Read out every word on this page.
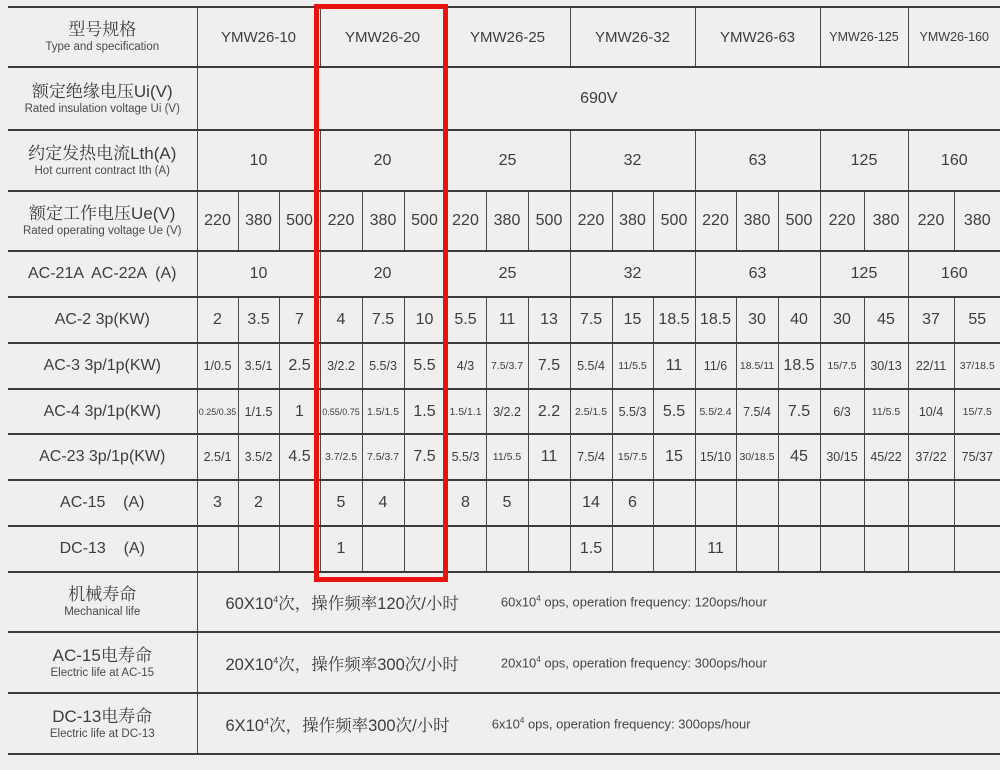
型号规格
Type and specification	YMW26-10			YMW26-20			YMW26-25			YMW26-32			YMW26-63			YMW26-125		YMW26-160	

额定绝缘电压Ui(V)
Rated insulation voltage Ui (V)	690V																		

约定发热电流Lth(A)
Hot current contract Ith (A)	10			20			25			32			63			125		160	

额定工作电压Ue(V)
Rated operating voltage Ue (V)	220	380	500	220	380	500	220	380	500	220	380	500	220	380	500	220	380	220	380

AC-21A  AC-22A  (A)	10			20			25			32			63			125		160	

AC-2 3p(KW)	2	3.5	7	4	7.5	10	5.5	11	13	7.5	15	18.5	18.5	30	40	30	45	37	55

AC-3 3p/1p(KW)	1/0.5	3.5/1	2.5	3/2.2	5.5/3	5.5	4/3	7.5/3.7	7.5	5.5/4	11/5.5	11	11/6	18.5/11	18.5	15/7.5	30/13	22/11	37/18.5

AC-4 3p/1p(KW)	0.25/0.35	1/1.5	1	0.55/0.75	1.5/1.5	1.5	1.5/1.1	3/2.2	2.2	2.5/1.5	5.5/3	5.5	5.5/2.4	7.5/4	7.5	6/3	11/5.5	10/4	15/7.5

AC-23 3p/1p(KW)	2.5/1	3.5/2	4.5	3.7/2.5	7.5/3.7	7.5	5.5/3	11/5.5	11	7.5/4	15/7.5	15	15/10	30/18.5	45	30/15	45/22	37/22	75/37

AC-15    (A)	3	2		5	4		8	5		14	6								

DC-13    (A)				1						1.5			11						

机械寿命
Mechanical life	$60X10^4$次，操作频率120次/小时	$60x10^4$ ops, operation frequency: 120ops/hour

AC-15电寿命
Electric life at AC-15	$20X10^4$次，操作频率300次/小时	$20x10^4$ ops, operation frequency: 300ops/hour

DC-13电寿命
Electric life at DC-13	$6X10^4$次，操作频率300次/小时	$6x10^4$ ops, operation frequency: 300ops/hour
